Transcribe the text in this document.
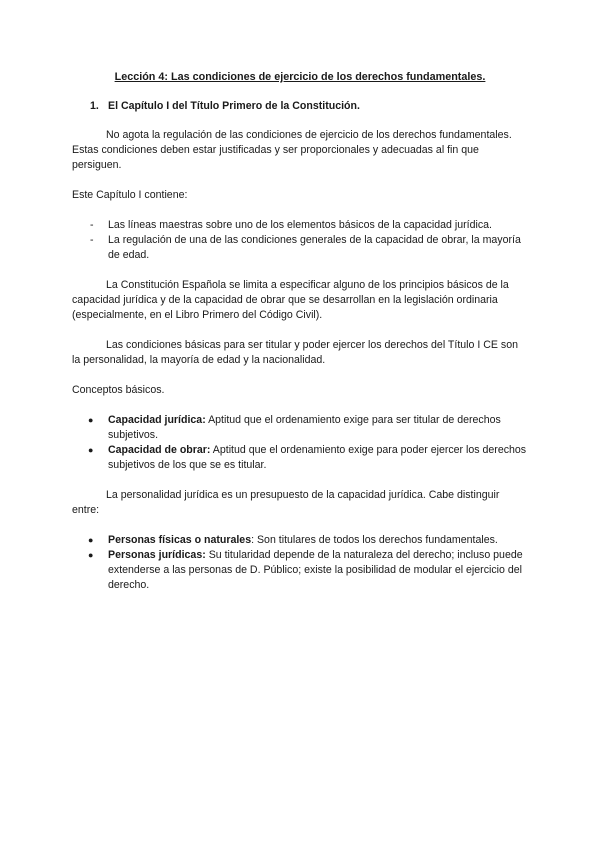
Lección 4: Las condiciones de ejercicio de los derechos fundamentales.
1. El Capítulo I del Título Primero de la Constitución.

No agota la regulación de las condiciones de ejercicio de los derechos fundamentales. Estas condiciones deben estar justificadas y ser proporcionales y adecuadas al fin que persiguen.

Este Capítulo I contiene:

- Las líneas maestras sobre uno de los elementos básicos de la capacidad jurídica.
- La regulación de una de las condiciones generales de la capacidad de obrar, la mayoría de edad.

La Constitución Española se limita a especificar alguno de los principios básicos de la capacidad jurídica y de la capacidad de obrar que se desarrollan en la legislación ordinaria (especialmente, en el Libro Primero del Código Civil).

Las condiciones básicas para ser titular y poder ejercer los derechos del Título I CE son la personalidad, la mayoría de edad y la nacionalidad.

Conceptos básicos.

● Capacidad jurídica: Aptitud que el ordenamiento exige para ser titular de derechos subjetivos.
● Capacidad de obrar: Aptitud que el ordenamiento exige para poder ejercer los derechos subjetivos de los que se es titular.

La personalidad jurídica es un presupuesto de la capacidad jurídica. Cabe distinguir entre:

● Personas físicas o naturales: Son titulares de todos los derechos fundamentales.
● Personas jurídicas: Su titularidad depende de la naturaleza del derecho; incluso puede extenderse a las personas de D. Público; existe la posibilidad de modular el ejercicio del derecho.
